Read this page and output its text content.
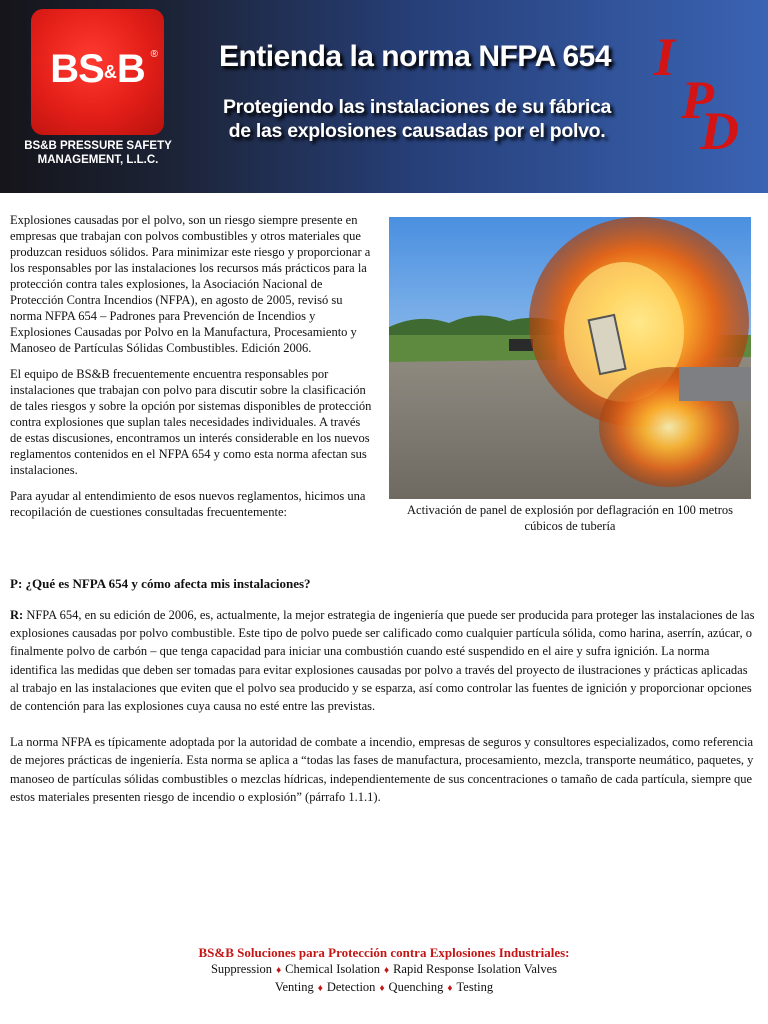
BS&B ®
BS&B PRESSURE SAFETY
MANAGEMENT, L.L.C.
Entienda la norma NFPA 654
Protegiendo las instalaciones de su fábrica
de las explosiones causadas por el polvo.
I
P
D

Explosiones causadas por el polvo, son un riesgo siempre presente en empresas que trabajan con polvos combustibles y otros materiales que produzcan residuos sólidos. Para minimizar este riesgo y proporcionar a los responsables por las instalaciones los recursos más prácticos para la protección contra tales explosiones, la Asociación Nacional de Protección Contra Incendios (NFPA), en agosto de 2005, revisó su norma NFPA 654 – Padrones para Prevención de Incendios y Explosiones Causadas por Polvo en la Manufactura, Procesamiento y Manoseo de Partículas Sólidas Combustibles. Edición 2006.

El equipo de BS&B frecuentemente encuentra responsables por instalaciones que trabajan con polvo para discutir sobre la clasificación de tales riesgos y sobre la opción por sistemas disponibles de protección contra explosiones que suplan tales necesidades individuales. A través de estas discusiones, encontramos un interés considerable en los nuevos reglamentos contenidos en el NFPA 654 y como esta norma afectan sus instalaciones.

Para ayudar al entendimiento de esos nuevos reglamentos, hicimos una recopilación de cuestiones consultadas frecuentemente:	Activación de panel de explosión por deflagración en 100 metros cúbicos de tubería
P: ¿Qué es NFPA 654 y cómo afecta mis instalaciones?

R: NFPA 654, en su edición de 2006, es, actualmente, la mejor estrategia de ingeniería que puede ser producida para proteger las instalaciones de las explosiones causadas por polvo combustible. Este tipo de polvo puede ser calificado como cualquier partícula sólida, como harina, aserrín, azúcar, o finalmente polvo de carbón – que tenga capacidad para iniciar una combustión cuando esté suspendido en el aire y sufra ignición. La norma identifica las medidas que deben ser tomadas para evitar explosiones causadas por polvo a través del proyecto de ilustraciones y prácticas aplicadas al trabajo en las instalaciones que eviten que el polvo sea producido y se esparza, así como controlar las fuentes de ignición y proporcionar opciones de contención para las explosiones cuya causa no esté entre las previstas.

La norma NFPA es típicamente adoptada por la autoridad de combate a incendio, empresas de seguros y consultores especializados, como referencia de mejores prácticas de ingeniería. Esta norma se aplica a “todas las fases de manufactura, procesamiento, mezcla, transporte neumático, paquetes, y manoseo de partículas sólidas combustibles o mezclas hídricas, independientemente de sus concentraciones o tamaño de cada partícula, siempre que estos materiales presenten riesgo de incendio o explosión” (párrafo 1.1.1).

BS&B Soluciones para Protección contra Explosiones Industriales:
Suppression ♦ Chemical Isolation ♦ Rapid Response Isolation Valves
Venting ♦ Detection ♦ Quenching ♦ Testing
